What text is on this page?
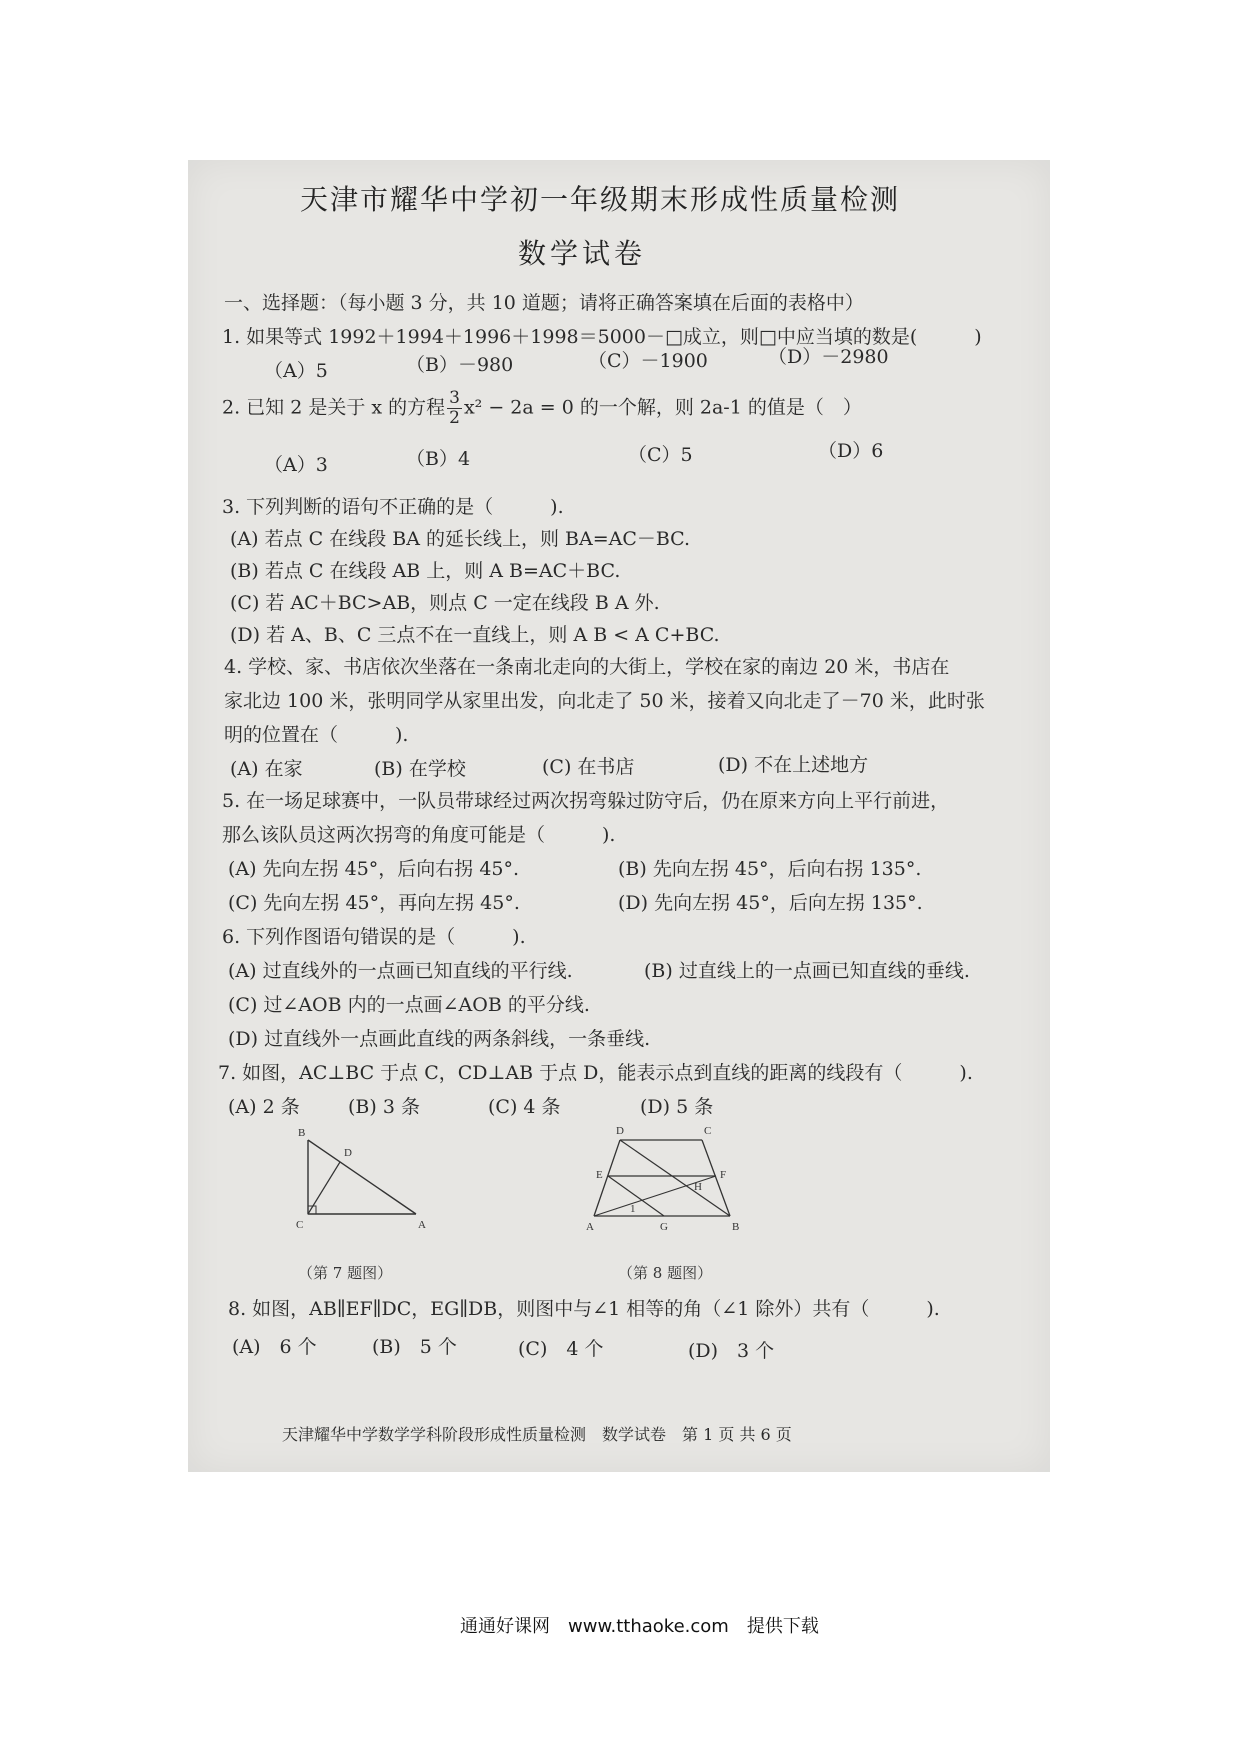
天津市耀华中学初一年级期末形成性质量检测
数学试卷
一、选择题：（每小题 3 分，共 10 道题；请将正确答案填在后面的表格中）
1. 如果等式 1992＋1994＋1996＋1998＝5000－□成立，则□中应当填的数是(　　　)
（A）5	（B）－980	（C）－1900	（D）－2980
2. 已知 2 是关于 x 的方程 $\frac{3}{2} x^2 - 2a = 0$ 的一个解，则 2a-1 的值是（　）
（A）3	（B）4	（C）5	（D）6
3. 下列判断的语句不正确的是（　　　).
(A) 若点 C 在线段 BA 的延长线上，则 BA=AC－BC.
(B) 若点 C 在线段 AB 上，则 A B=AC＋BC.
(C) 若 AC＋BC>AB，则点 C 一定在线段 B A 外.
(D) 若 A、B、C 三点不在一直线上，则 A B < A C+BC.
4. 学校、家、书店依次坐落在一条南北走向的大街上，学校在家的南边 20 米，书店在
家北边 100 米，张明同学从家里出发，向北走了 50 米，接着又向北走了－70 米，此时张
明的位置在（　　　).
(A) 在家	(B) 在学校	(C) 在书店	(D) 不在上述地方
5. 在一场足球赛中，一队员带球经过两次拐弯躲过防守后，仍在原来方向上平行前进，
那么该队员这两次拐弯的角度可能是（　　　).
(A) 先向左拐 45°，后向右拐 45°.	(B) 先向左拐 45°，后向右拐 135°.
(C) 先向左拐 45°，再向左拐 45°.	(D) 先向左拐 45°，后向左拐 135°.
6. 下列作图语句错误的是（　　　).
(A) 过直线外的一点画已知直线的平行线.	(B) 过直线上的一点画已知直线的垂线.
(C) 过∠AOB 内的一点画∠AOB 的平分线.
(D) 过直线外一点画此直线的两条斜线，一条垂线.
7. 如图，AC⊥BC 于点 C，CD⊥AB 于点 D，能表示点到直线的距离的线段有（　　　).
(A) 2 条	(B) 3 条	(C) 4 条	(D) 5 条
B
D
C	A
（第 7 题图）
D	C
E	F
H
1
A	G	B
（第 8 题图）
8. 如图，AB∥EF∥DC，EG∥DB，则图中与∠1 相等的角（∠1 除外）共有（　　　).
(A)　6 个	(B)　5 个	(C)　4 个	(D)　3 个
天津耀华中学数学学科阶段形成性质量检测　数学试卷　第 1 页 共 6 页
通通好课网　www.tthaoke.com　提供下载
